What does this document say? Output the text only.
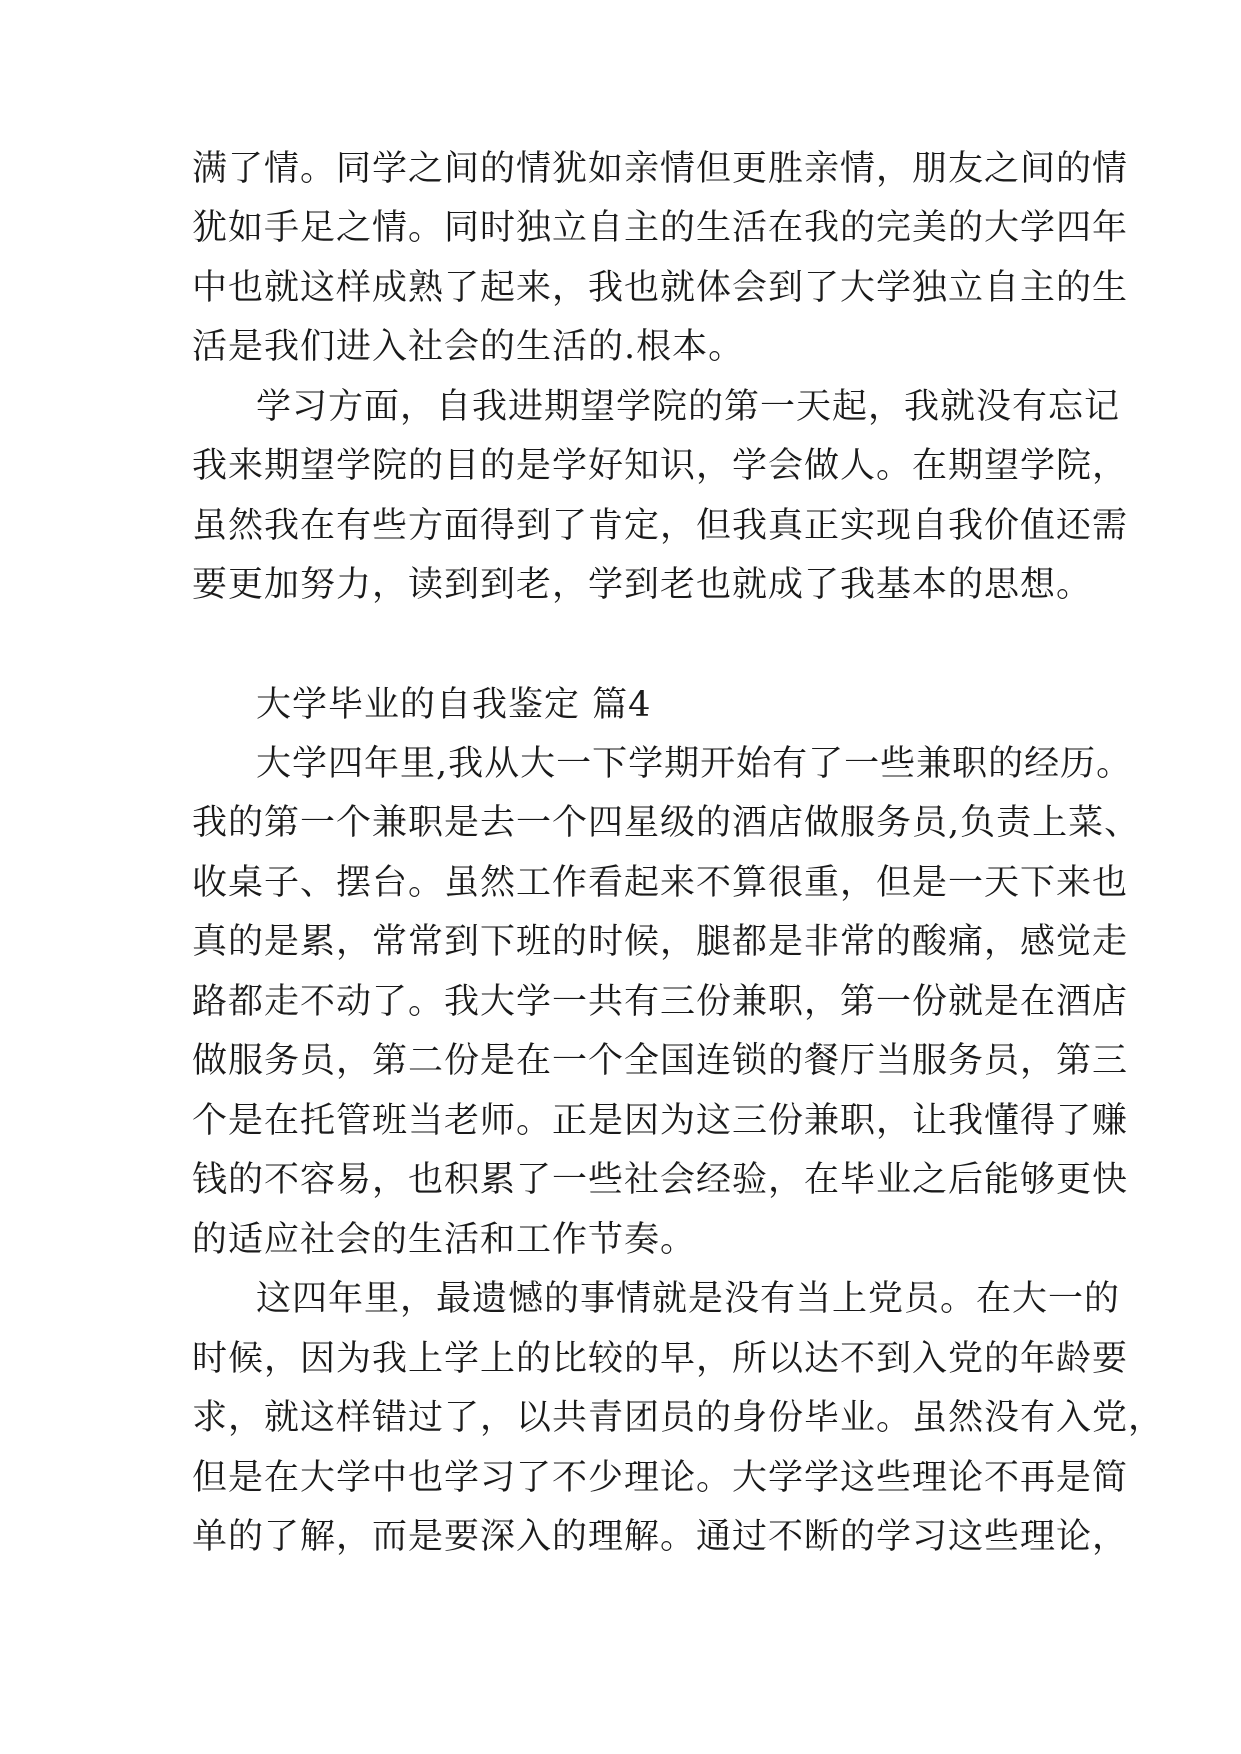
满了情。同学之间的情犹如亲情但更胜亲情，朋友之间的情
犹如手足之情。同时独立自主的生活在我的完美的大学四年
中也就这样成熟了起来，我也就体会到了大学独立自主的生
活是我们进入社会的生活的.根本。
学习方面，自我进期望学院的第一天起，我就没有忘记
我来期望学院的目的是学好知识，学会做人。在期望学院，
虽然我在有些方面得到了肯定，但我真正实现自我价值还需
要更加努力，读到到老，学到老也就成了我基本的思想。
大学毕业的自我鉴定 篇4
大学四年里,我从大一下学期开始有了一些兼职的经历。
我的第一个兼职是去一个四星级的酒店做服务员,负责上菜、
收桌子、摆台。虽然工作看起来不算很重，但是一天下来也
真的是累，常常到下班的时候，腿都是非常的酸痛，感觉走
路都走不动了。我大学一共有三份兼职，第一份就是在酒店
做服务员，第二份是在一个全国连锁的餐厅当服务员，第三
个是在托管班当老师。正是因为这三份兼职，让我懂得了赚
钱的不容易，也积累了一些社会经验，在毕业之后能够更快
的适应社会的生活和工作节奏。
这四年里，最遗憾的事情就是没有当上党员。在大一的
时候，因为我上学上的比较的早，所以达不到入党的年龄要
求，就这样错过了，以共青团员的身份毕业。虽然没有入党，
但是在大学中也学习了不少理论。大学学这些理论不再是简
单的了解，而是要深入的理解。通过不断的学习这些理论，
